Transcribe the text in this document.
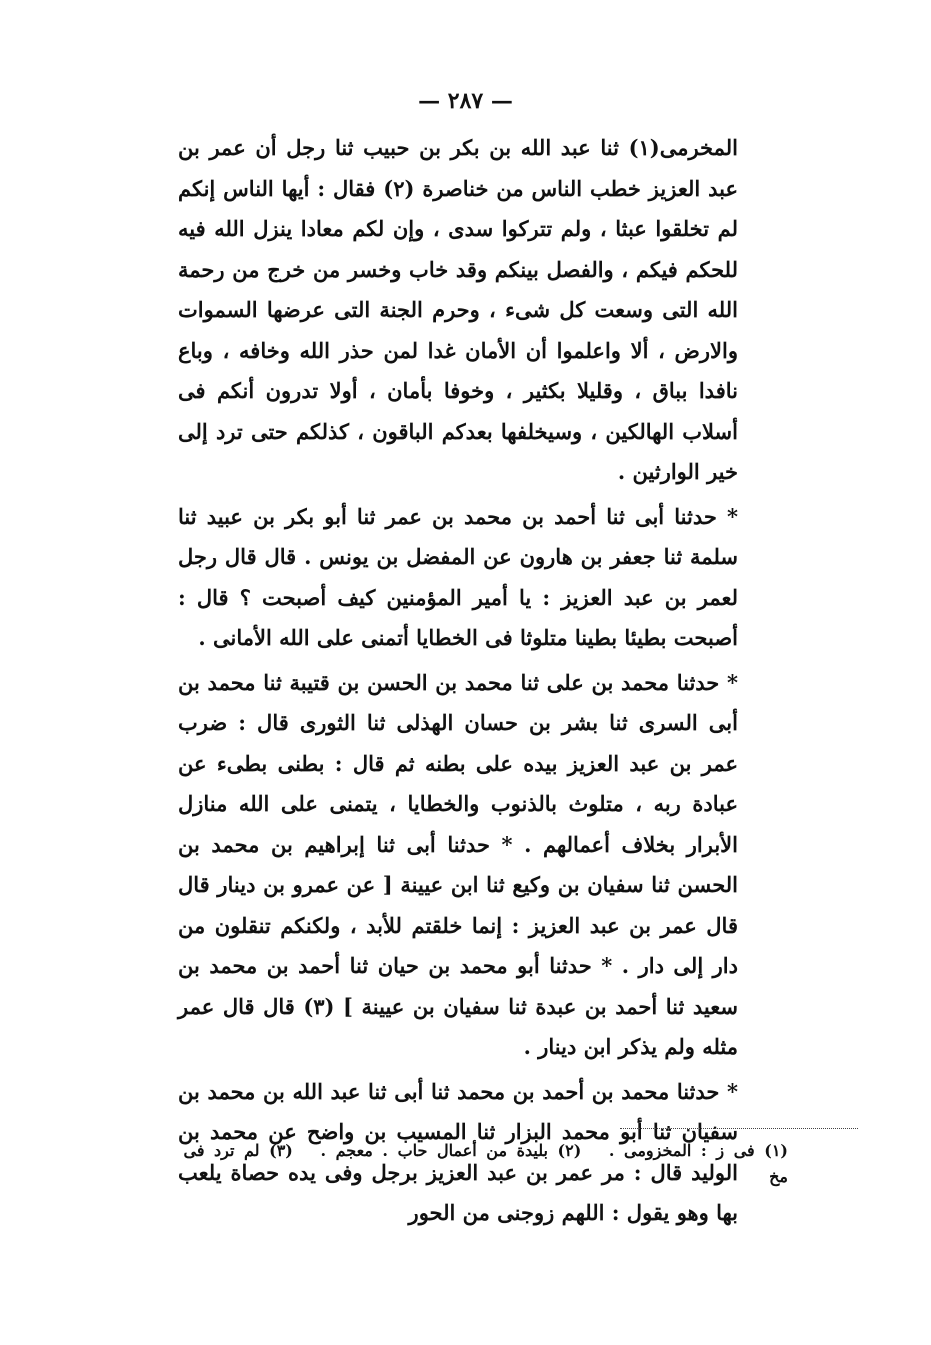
— ٢٨٧ —

المخرمى(١) ثنا عبد الله بن بكر بن حبيب ثنا رجل أن عمر بن عبد العزيز خطب الناس من خناصرة (٢) فقال : أيها الناس إنكم لم تخلقوا عبثا ، ولم تتركوا سدى ، وإن لكم معادا ينزل الله فيه للحكم فيكم ، والفصل بينكم وقد خاب وخسر من خرج من رحمة الله التى وسعت كل شىء ، وحرم الجنة التى عرضها السموات والارض ، ألا واعلموا أن الأمان غدا لمن حذر الله وخافه ، وباع نافدا بباق ، وقليلا بكثير ، وخوفا بأمان ، أولا تدرون أنكم فى أسلاب الهالكين ، وسيخلفها بعدكم الباقون ، كذلكم حتى ترد إلى خير الوارثين .

* حدثنا أبى ثنا أحمد بن محمد بن عمر ثنا أبو بكر بن عبيد ثنا سلمة ثنا جعفر بن هارون عن المفضل بن يونس . قال قال رجل لعمر بن عبد العزيز : يا أمير المؤمنين كيف أصبحت ؟ قال : أصبحت بطيئا بطينا متلوثا فى الخطايا أتمنى على الله الأمانى .

* حدثنا محمد بن على ثنا محمد بن الحسن بن قتيبة ثنا محمد بن أبى السرى ثنا بشر بن حسان الهذلى ثنا الثورى قال : ضرب عمر بن عبد العزيز بيده على بطنه ثم قال : بطنى بطىء عن عبادة ربه ، متلوث بالذنوب والخطايا ، يتمنى على الله منازل الأبرار بخلاف أعمالهم . * حدثنا أبى ثنا إبراهيم بن محمد بن الحسن ثنا سفيان بن وكيع ثنا ابن عيينة [ عن عمرو بن دينار قال قال عمر بن عبد العزيز : إنما خلقتم للأبد ، ولكنكم تنقلون من دار إلى دار . * حدثنا أبو محمد بن حيان ثنا أحمد بن محمد بن سعيد ثنا أحمد بن عبدة ثنا سفيان بن عيينة ] (٣) قال قال عمر مثله ولم يذكر ابن دينار .

* حدثنا محمد بن أحمد بن محمد ثنا أبى ثنا عبد الله بن محمد بن سفيان ثنا أبو محمد البزار ثنا المسيب بن واضح عن محمد بن الوليد قال : مر عمر بن عبد العزيز برجل وفى يده حصاة يلعب بها وهو يقول : اللهم زوجنى من الحور

(١) فى ز : المخزومى . (٢) بليدة من أعمال حاب . معجم . (٣) لم ترد فى مخ
